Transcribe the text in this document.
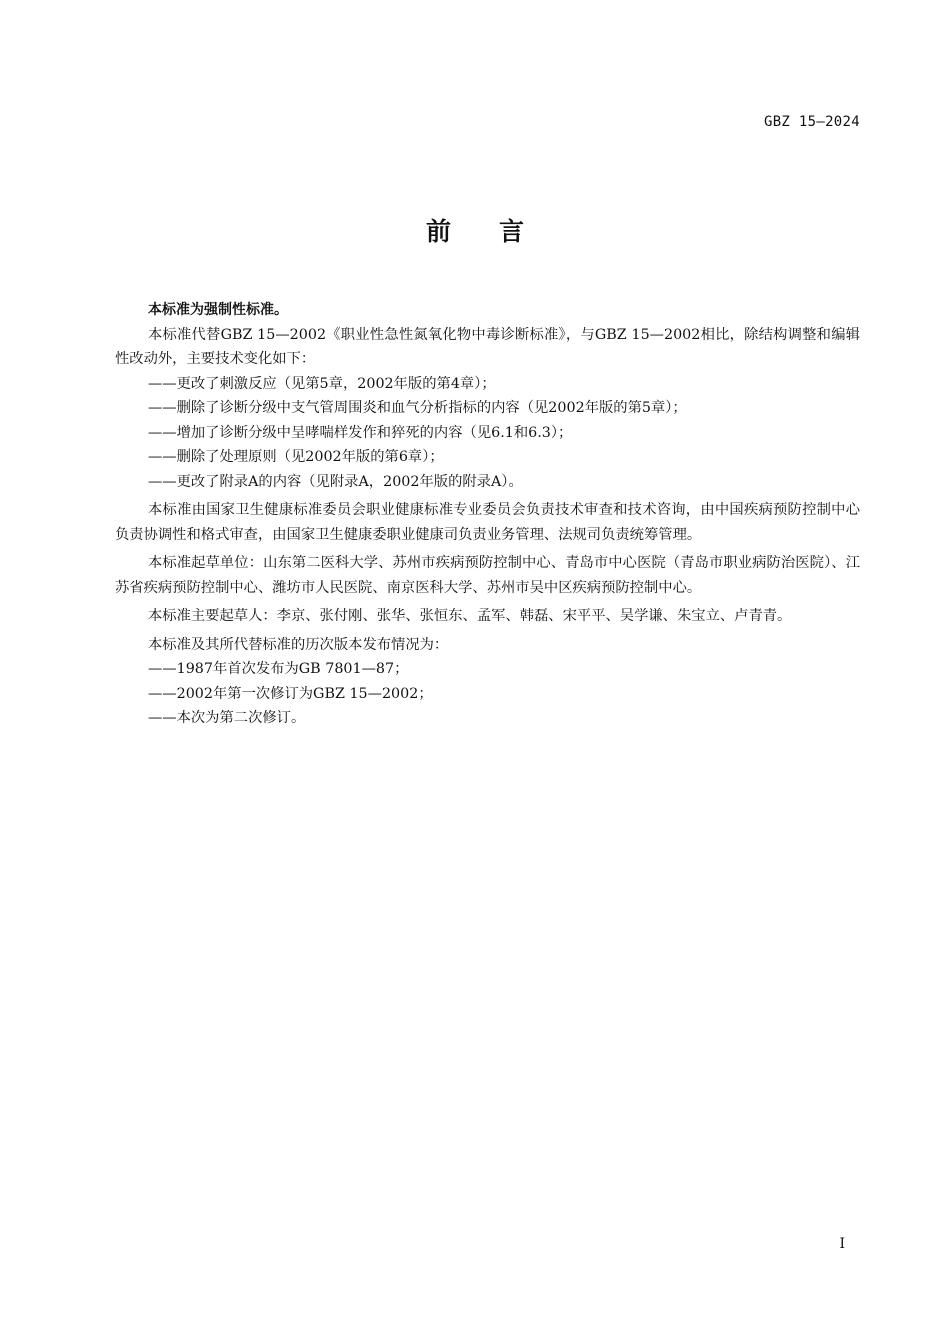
GBZ 15—2024
前 言

本标准为强制性标准。

本标准代替GBZ 15—2002《职业性急性氮氧化物中毒诊断标准》，与GBZ 15—2002相比，除结构调整和编辑性改动外，主要技术变化如下：

——更改了刺激反应（见第5章，2002年版的第4章）；
——删除了诊断分级中支气管周围炎和血气分析指标的内容（见2002年版的第5章）；
——增加了诊断分级中呈哮喘样发作和猝死的内容（见6.1和6.3）；
——删除了处理原则（见2002年版的第6章）；
——更改了附录A的内容（见附录A，2002年版的附录A）。

本标准由国家卫生健康标准委员会职业健康标准专业委员会负责技术审查和技术咨询，由中国疾病预防控制中心负责协调性和格式审查，由国家卫生健康委职业健康司负责业务管理、法规司负责统筹管理。

本标准起草单位：山东第二医科大学、苏州市疾病预防控制中心、青岛市中心医院（青岛市职业病防治医院）、江苏省疾病预防控制中心、潍坊市人民医院、南京医科大学、苏州市吴中区疾病预防控制中心。

本标准主要起草人：李京、张付刚、张华、张恒东、孟军、韩磊、宋平平、吴学谦、朱宝立、卢青青。

本标准及其所代替标准的历次版本发布情况为：

——1987年首次发布为GB 7801—87；
——2002年第一次修订为GBZ 15—2002；
——本次为第二次修订。
I
